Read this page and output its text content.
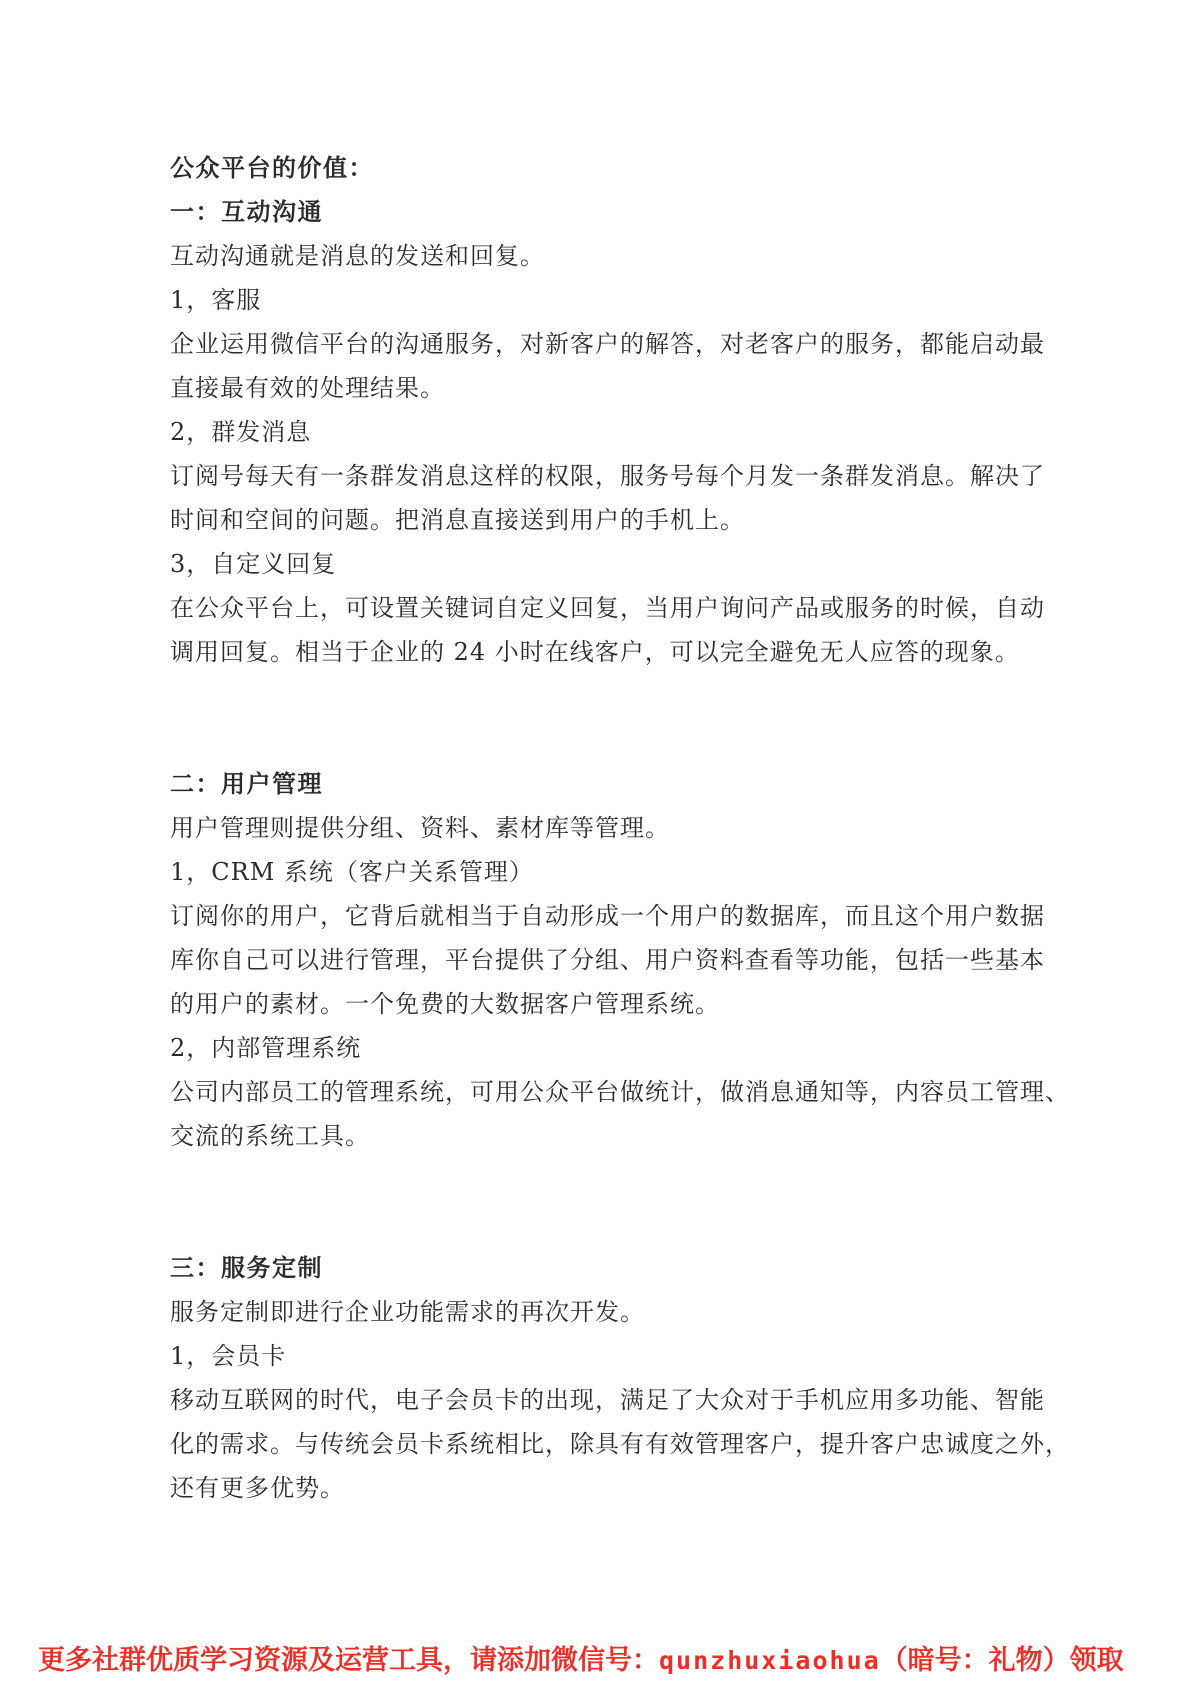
公众平台的价值：
一：互动沟通
互动沟通就是消息的发送和回复。
1，客服
企业运用微信平台的沟通服务，对新客户的解答，对老客户的服务，都能启动最
直接最有效的处理结果。
2，群发消息
订阅号每天有一条群发消息这样的权限，服务号每个月发一条群发消息。解决了
时间和空间的问题。把消息直接送到用户的手机上。
3，自定义回复
在公众平台上，可设置关键词自定义回复，当用户询问产品或服务的时候，自动
调用回复。相当于企业的 24 小时在线客户，可以完全避免无人应答的现象。
二：用户管理
用户管理则提供分组、资料、素材库等管理。
1，CRM 系统（客户关系管理）
订阅你的用户，它背后就相当于自动形成一个用户的数据库，而且这个用户数据
库你自己可以进行管理，平台提供了分组、用户资料查看等功能，包括一些基本
的用户的素材。一个免费的大数据客户管理系统。
2，内部管理系统
公司内部员工的管理系统，可用公众平台做统计，做消息通知等，内容员工管理、
交流的系统工具。
三：服务定制
服务定制即进行企业功能需求的再次开发。
1，会员卡
移动互联网的时代，电子会员卡的出现，满足了大众对于手机应用多功能、智能
化的需求。与传统会员卡系统相比，除具有有效管理客户，提升客户忠诚度之外，
还有更多优势。
更多社群优质学习资源及运营工具，请添加微信号：qunzhuxiaohua（暗号：礼物）领取
